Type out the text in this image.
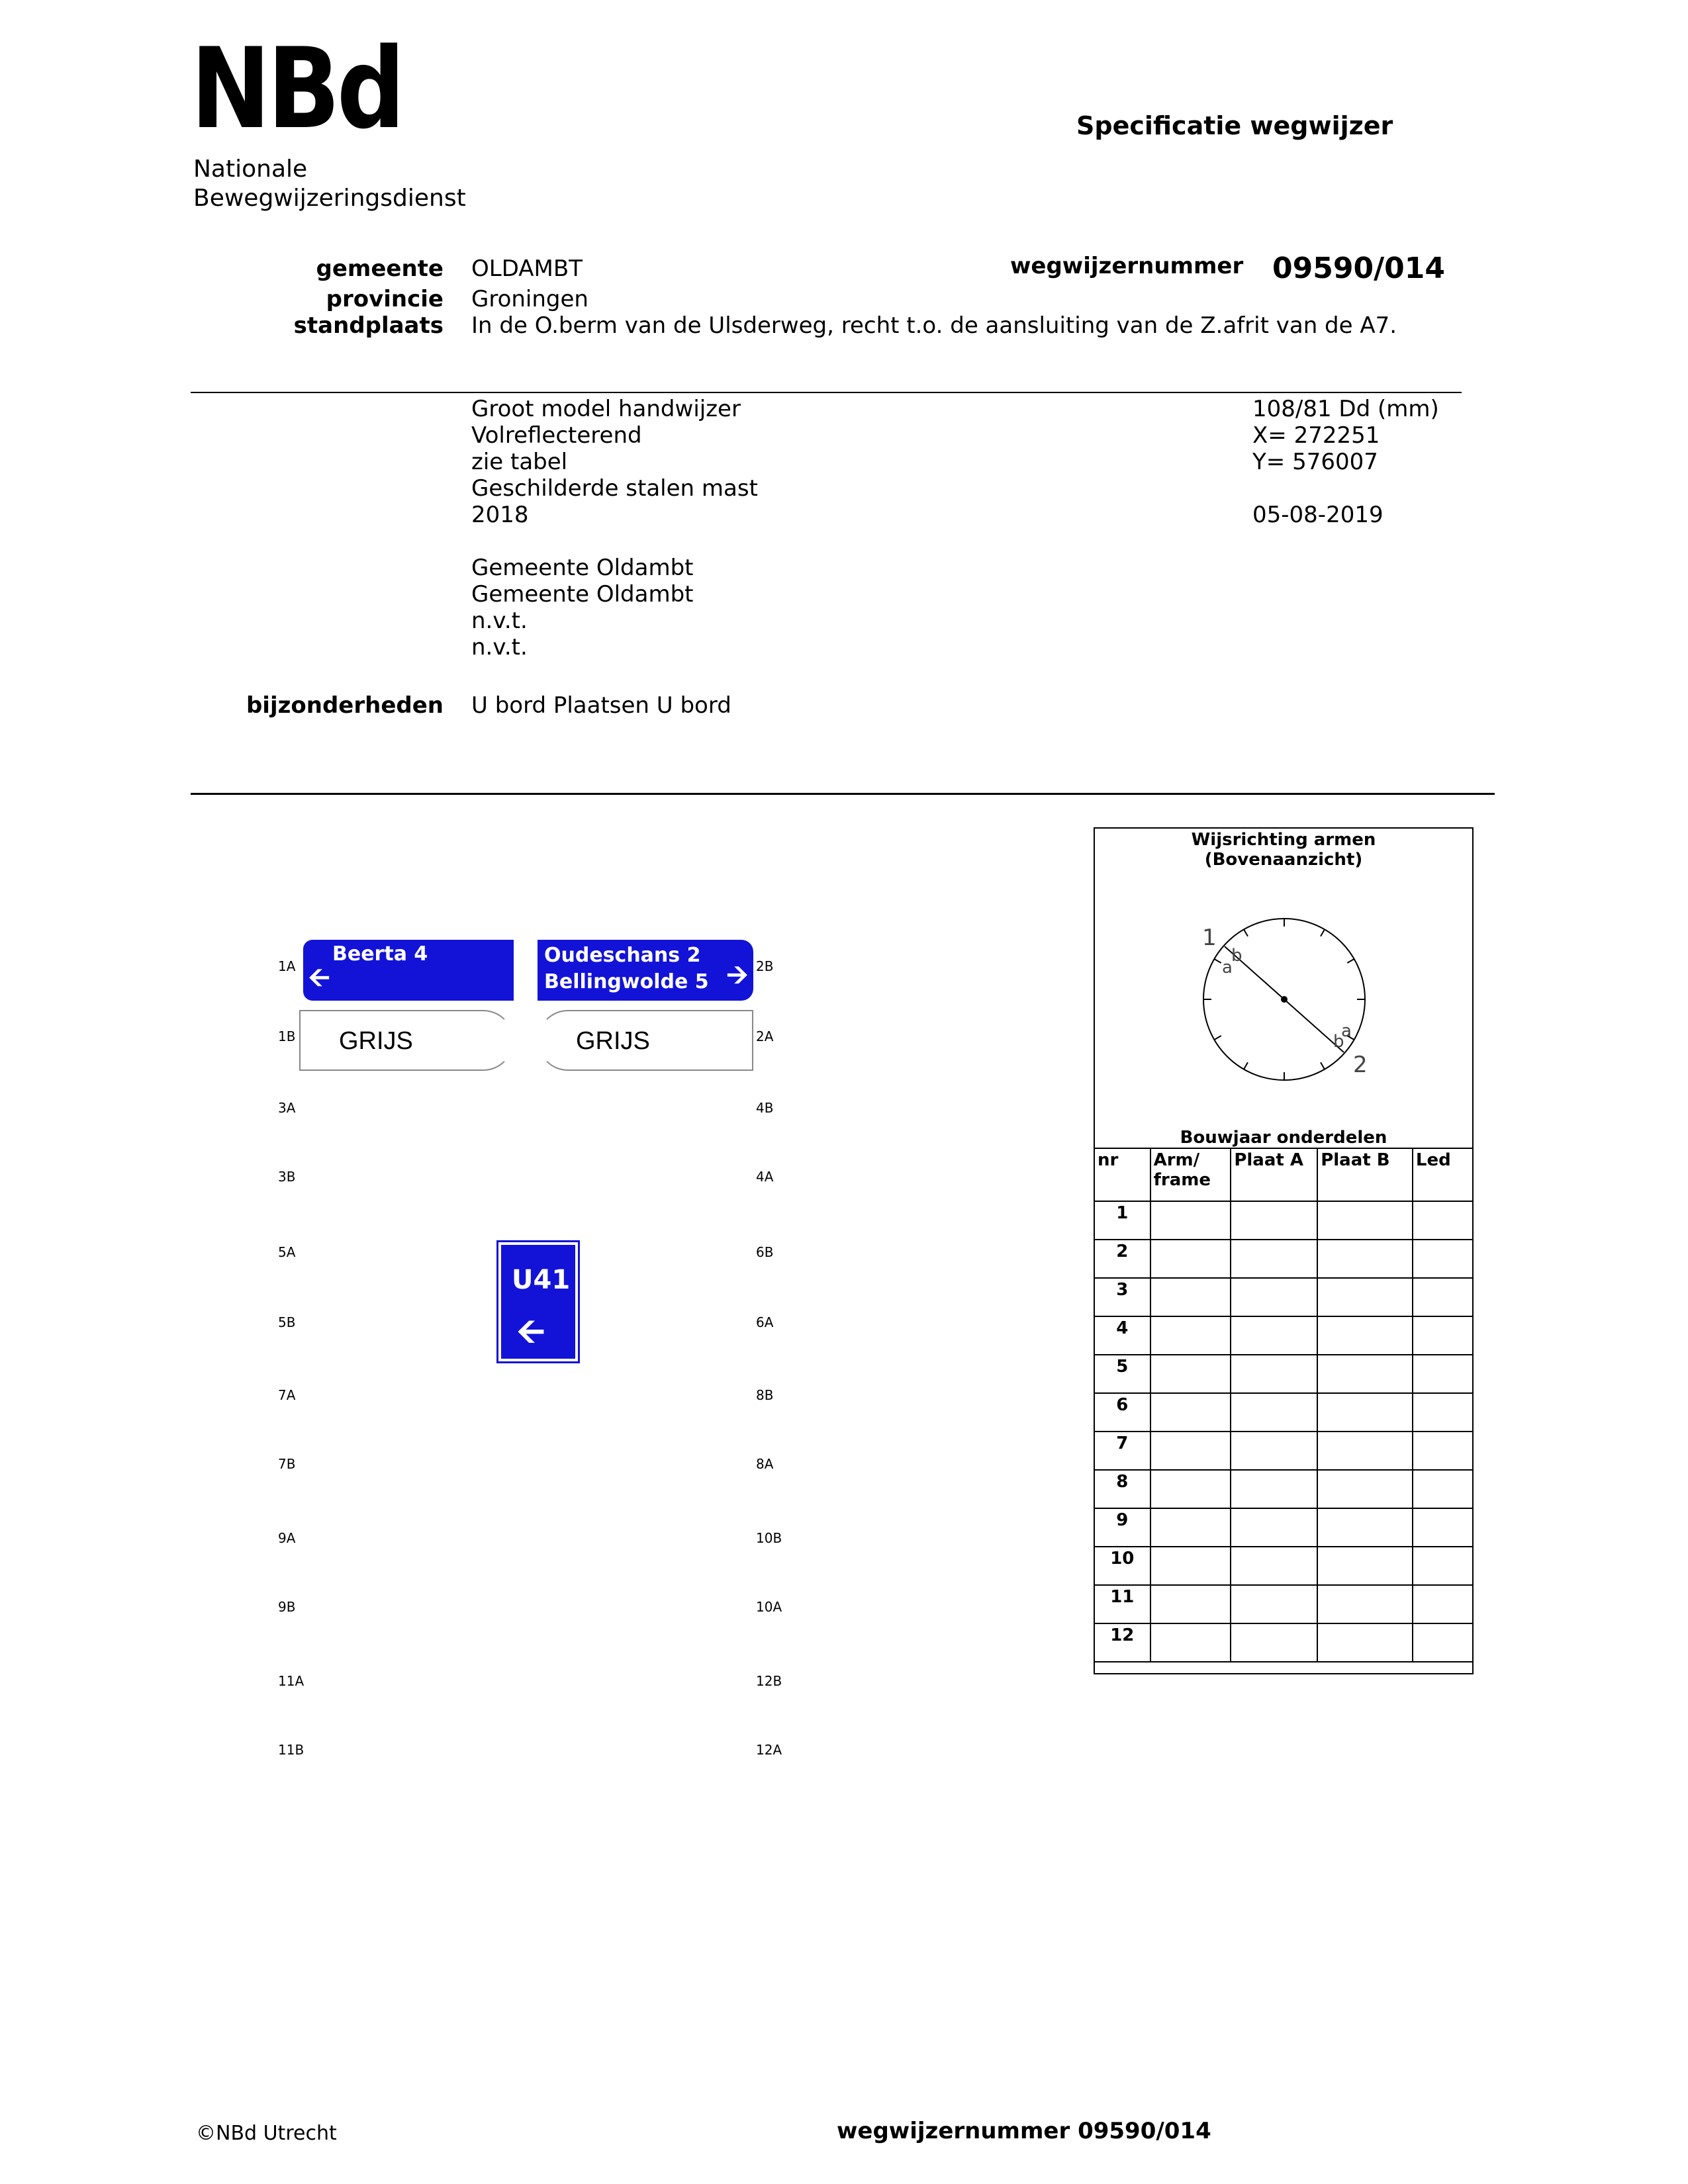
NBd
Nationale
Bewegwijzeringsdienst
Specificatie wegwijzer
gemeente OLDAMBT
provincie Groningen
standplaats In de O.berm van de Ulsderweg, recht t.o. de aansluiting van de Z.afrit van de A7.
wegwijzernummer 09590/014
Groot model handwijzer
Volreflecterend
zie tabel
Geschilderde stalen mast
2018
Gemeente Oldambt
Gemeente Oldambt
n.v.t.
n.v.t.
108/81 Dd (mm)
X= 272251
Y= 576007
05-08-2019
bijzonderheden U bord Plaatsen U bord
1A
1B
3A
3B
5A
5B
7A
7B
9A
9B
11A
11B
2B
2A
4B
4A
6B
6A
8B
8A
10B
10A
12B
12A
🡨
Beerta 4	Oudeschans 2
Bellingwolde 5 🡪
GRIJS	GRIJS
U41
🡨
Wijsrichting armen
(Bovenaanzicht)
1
b
a
b
a
2
Bouwjaar onderdelen
nr	Arm/ frame	Plaat A	Plaat B	Led
1				
2				
3				
4				
5				
6				
7				
8				
9				
10				
11				
12				
©NBd Utrecht	wegwijzernummer 09590/014
